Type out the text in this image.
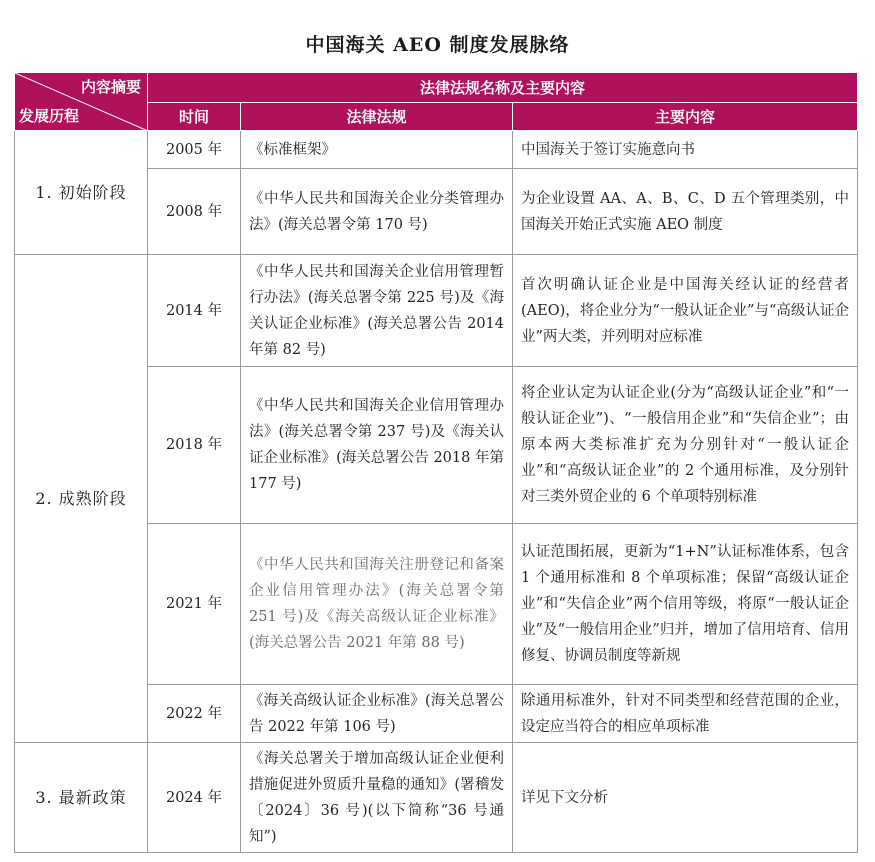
中国海关 AEO 制度发展脉络
内容摘要
发展历程	法律法规名称及主要内容		
	时间	法律法规	主要内容
1. 初始阶段	2005 年	《标准框架》	中国海关于签订实施意向书
	2008 年	《中华人民共和国海关企业分类管理办法》(海关总署令第 170 号)	为企业设置 AA、A、B、C、D 五个管理类别，中国海关开始正式实施 AEO 制度
2. 成熟阶段	2014 年	《中华人民共和国海关企业信用管理暂行办法》(海关总署令第 225 号)及《海关认证企业标准》(海关总署公告 2014 年第 82 号)	首次明确认证企业是中国海关经认证的经营者(AEO)，将企业分为“一般认证企业”与“高级认证企业”两大类，并列明对应标准
	2018 年	《中华人民共和国海关企业信用管理办法》(海关总署令第 237 号)及《海关认证企业标准》(海关总署公告 2018 年第 177 号)	将企业认定为认证企业(分为“高级认证企业”和“一般认证企业”)、“一般信用企业”和“失信企业”；由原本两大类标准扩充为分别针对“一般认证企业”和“高级认证企业”的 2 个通用标准，及分别针对三类外贸企业的 6 个单项特别标准
	2021 年	《中华人民共和国海关注册登记和备案企业信用管理办法》(海关总署令第 251 号)及《海关高级认证企业标准》(海关总署公告 2021 年第 88 号)	认证范围拓展，更新为“1+N”认证标准体系，包含 1 个通用标准和 8 个单项标准；保留“高级认证企业”和“失信企业”两个信用等级，将原“一般认证企业”及“一般信用企业”归并，增加了信用培育、信用修复、协调员制度等新规
	2022 年	《海关高级认证企业标准》(海关总署公告 2022 年第 106 号)	除通用标准外，针对不同类型和经营范围的企业，设定应当符合的相应单项标准
3. 最新政策	2024 年	《海关总署关于增加高级认证企业便利措施促进外贸质升量稳的通知》(署稽发〔2024〕36 号)(以下简称“36 号通知”)	详见下文分析
